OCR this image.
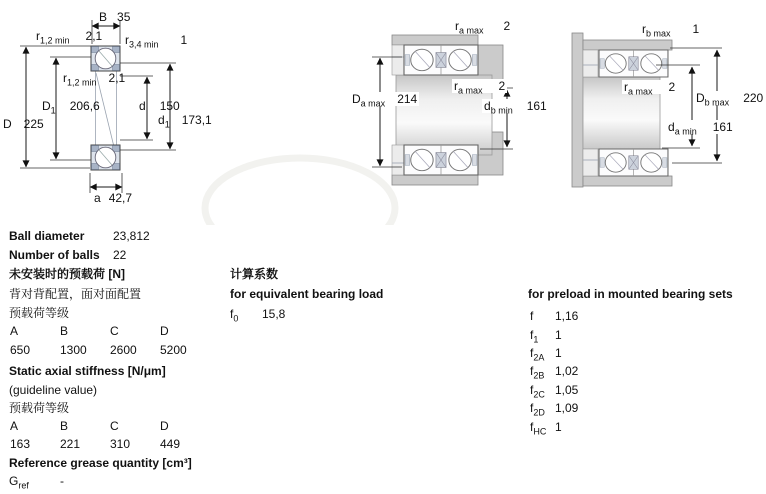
B 35
$r_{1,2 min}$ 2,1 $r_{3,4 min}$ 1
$r_{1,2 min}$ 2,1
$D_1$ 206,6
D 225
d 150
$d_1$ 173,1
a 42,7
$r_{a max}$ 2
$r_{a max}$ 2
$D_{a max}$ 214	$d_{b min}$ 161
$r_{b max}$ 1
$r_{a max}$ 2
$D_{b max}$ 220
$d_{a min}$ 161
Ball diameter 23,812
Number of balls 22
未安装时的预载荷 [N]
背对背配置，面对面配置
预载荷等级
A	B	C	D
650 1300 2600 5200
Static axial stiffness [N/μm]
(guideline value)
预载荷等级
A	B	C	D
163 221 310 449
Reference grease quantity [cm³]
$G_{ref}$	-
计算系数
for equivalent bearing load
$f_0$ 15,8
for preload in mounted bearing sets
f 1,16
$f_1$ 1
$f_{2A}$ 1
$f_{2B}$ 1,02
$f_{2C}$ 1,05
$f_{2D}$ 1,09
$f_{HC}$ 1
